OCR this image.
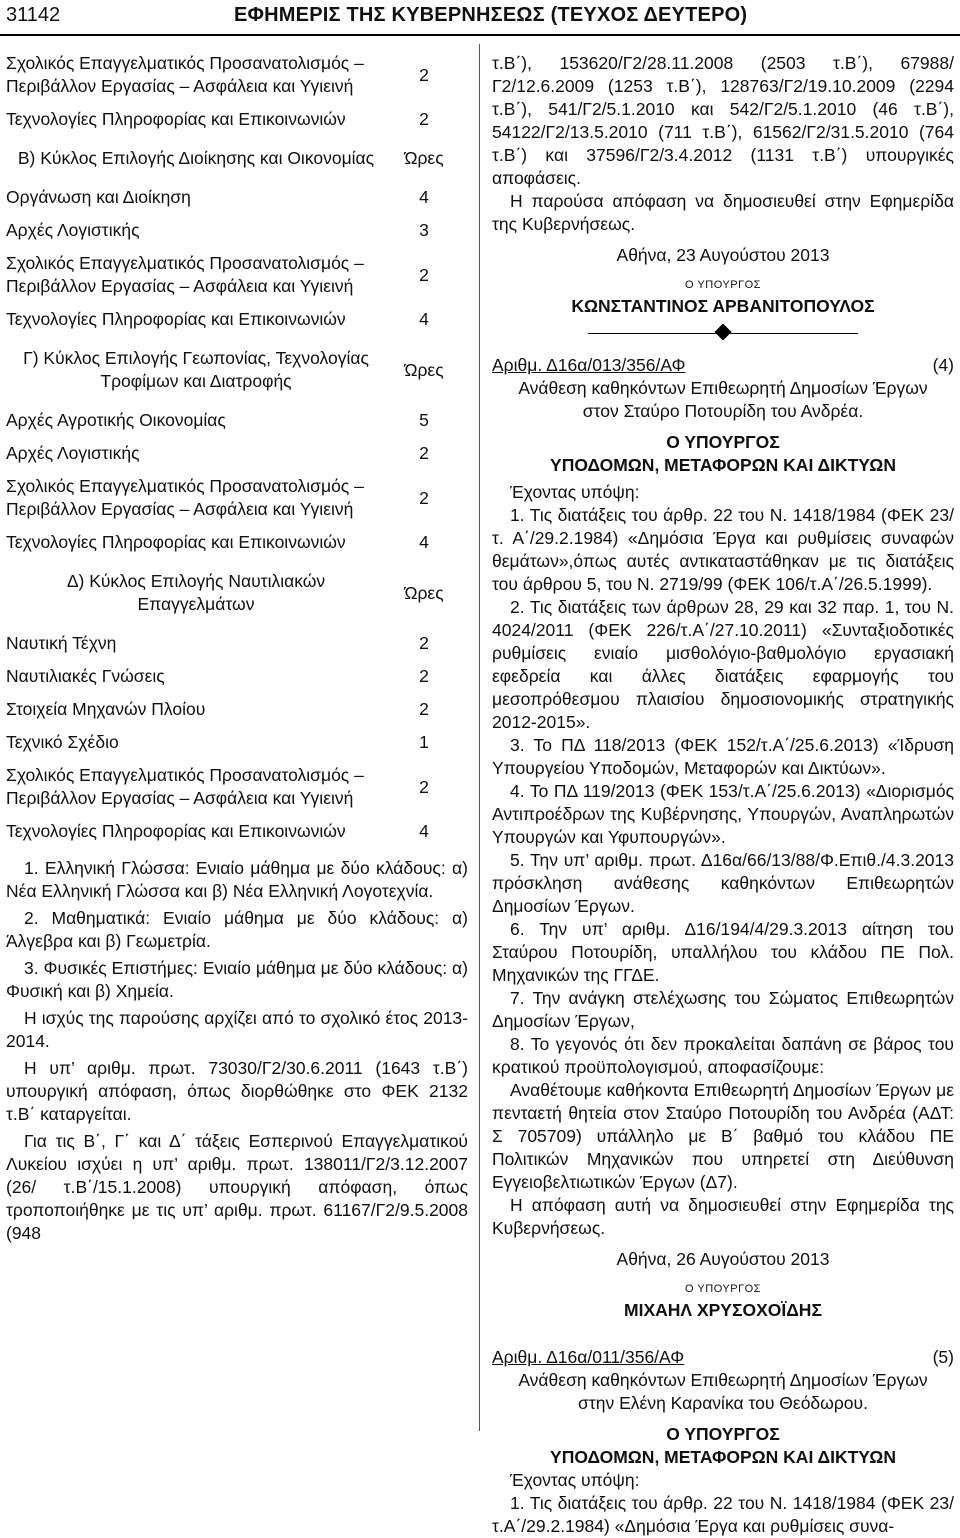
31142	ΕΦΗΜΕΡΙΣ ΤΗΣ ΚΥΒΕΡΝΗΣΕΩΣ (ΤΕΥΧΟΣ ΔΕΥΤΕΡΟ)
Σχολικός Επαγγελματικός Προσανατολισμός – Περιβάλλον Εργασίας – Ασφάλεια και Υγιεινή	2

Τεχνολογίες Πληροφορίας και Επικοινωνιών	2

Β) Κύκλος Επιλογής Διοίκησης και Οικονομίας	Ώρες

Οργάνωση και Διοίκηση	4

Αρχές Λογιστικής	3

Σχολικός Επαγγελματικός Προσανατολισμός – Περιβάλλον Εργασίας – Ασφάλεια και Υγιεινή	2

Τεχνολογίες Πληροφορίας και Επικοινωνιών	4

Γ) Κύκλος Επιλογής Γεωπονίας, Τεχνολογίας Τροφίμων και Διατροφής	Ώρες

Αρχές Αγροτικής Οικονομίας	5

Αρχές Λογιστικής	2

Σχολικός Επαγγελματικός Προσανατολισμός – Περιβάλλον Εργασίας – Ασφάλεια και Υγιεινή	2

Τεχνολογίες Πληροφορίας και Επικοινωνιών	4

Δ) Κύκλος Επιλογής Ναυτιλιακών Επαγγελμάτων	Ώρες

Ναυτική Τέχνη	2

Ναυτιλιακές Γνώσεις	2

Στοιχεία Μηχανών Πλοίου	2

Τεχνικό Σχέδιο	1

Σχολικός Επαγγελματικός Προσανατολισμός – Περιβάλλον Εργασίας – Ασφάλεια και Υγιεινή	2

Τεχνολογίες Πληροφορίας και Επικοινωνιών	4

1. Ελληνική Γλώσσα: Ενιαίο μάθημα με δύο κλάδους: α) Νέα Ελληνική Γλώσσα και β) Νέα Ελληνική Λογοτεχνία.

2. Μαθηματικά: Ενιαίο μάθημα με δύο κλάδους: α) Άλγεβρα και β) Γεωμετρία.

3. Φυσικές Επιστήμες: Ενιαίο μάθημα με δύο κλάδους: α) Φυσική και β) Χημεία.

Η ισχύς της παρούσης αρχίζει από το σχολικό έτος 2013-2014.

Η υπ’ αριθμ. πρωτ. 73030/Γ2/30.6.2011 (1643 τ.Β΄) υπουργική απόφαση, όπως διορθώθηκε στο ΦΕΚ 2132 τ.Β΄ καταργείται.

Για τις Β΄, Γ΄ και Δ΄ τάξεις Εσπερινού Επαγγελματικού Λυκείου ισχύει η υπ’ αριθμ. πρωτ. 138011/Γ2/3.12.2007 (26/ τ.Β΄/15.1.2008) υπουργική απόφαση, όπως τροποποιήθηκε με τις υπ’ αριθμ. πρωτ. 61167/Γ2/9.5.2008 (948

τ.Β΄), 153620/Γ2/28.11.2008 (2503 τ.Β΄), 67988/Γ2/12.6.2009 (1253 τ.Β΄), 128763/Γ2/19.10.2009 (2294 τ.Β΄), 541/Γ2/5.1.2010 και 542/Γ2/5.1.2010 (46 τ.Β΄), 54122/Γ2/13.5.2010 (711 τ.Β΄), 61562/Γ2/31.5.2010 (764 τ.Β΄) και 37596/Γ2/3.4.2012 (1131 τ.Β΄) υπουργικές αποφάσεις.

Η παρούσα απόφαση να δημοσιευθεί στην Εφημερίδα της Κυβερνήσεως.

Αθήνα, 23 Αυγούστου 2013

Ο ΥΠΟΥΡΓΟΣ

ΚΩΝΣΤΑΝΤΙΝΟΣ ΑΡΒΑΝΙΤΟΠΟΥΛΟΣ

Αριθμ. Δ16α/013/356/ΑΦ	(4)

Ανάθεση καθηκόντων Επιθεωρητή Δημοσίων Έργων στον Σταύρο Ποτουρίδη του Ανδρέα.

Ο ΥΠΟΥΡΓΟΣ

ΥΠΟΔΟΜΩΝ, ΜΕΤΑΦΟΡΩΝ ΚΑΙ ΔΙΚΤΥΩΝ

Έχοντας υπόψη:

1. Τις διατάξεις του άρθρ. 22 του Ν. 1418/1984 (ΦΕΚ 23/τ. Α΄/29.2.1984) «Δημόσια Έργα και ρυθμίσεις συναφών θεμάτων»,όπως αυτές αντικαταστάθηκαν με τις διατάξεις του άρθρου 5, του Ν. 2719/99 (ΦΕΚ 106/τ.Α΄/26.5.1999).

2. Τις διατάξεις των άρθρων 28, 29 και 32 παρ. 1, του Ν. 4024/2011 (ΦΕΚ 226/τ.Α΄/27.10.2011) «Συνταξιοδοτικές ρυθμίσεις ενιαίο μισθολόγιο-βαθμολόγιο εργασιακή εφεδρεία και άλλες διατάξεις εφαρμογής του μεσοπρόθεσμου πλαισίου δημοσιονομικής στρατηγικής 2012-2015».

3. Το ΠΔ 118/2013 (ΦΕΚ 152/τ.Α΄/25.6.2013) «Ίδρυση Υπουργείου Υποδομών, Μεταφορών και Δικτύων».

4. Το ΠΔ 119/2013 (ΦΕΚ 153/τ.Α΄/25.6.2013) «Διορισμός Αντιπροέδρων της Κυβέρνησης, Υπουργών, Αναπληρωτών Υπουργών και Υφυπουργών».

5. Την υπ’ αριθμ. πρωτ. Δ16α/66/13/88/Φ.Επιθ./4.3.2013 πρόσκληση ανάθεσης καθηκόντων Επιθεωρητών Δημοσίων Έργων.

6. Την υπ’ αριθμ. Δ16/194/4/29.3.2013 αίτηση του Σταύρου Ποτουρίδη, υπαλλήλου του κλάδου ΠΕ Πολ. Μηχανικών της ΓΓΔΕ.

7. Την ανάγκη στελέχωσης του Σώματος Επιθεωρητών Δημοσίων Έργων,

8. Το γεγονός ότι δεν προκαλείται δαπάνη σε βάρος του κρατικού προϋπολογισμού, αποφασίζουμε:

Αναθέτουμε καθήκοντα Επιθεωρητή Δημοσίων Έργων με πενταετή θητεία στον Σταύρο Ποτουρίδη του Ανδρέα (ΑΔΤ: Σ 705709) υπάλληλο με Β΄ βαθμό του κλάδου ΠΕ Πολιτικών Μηχανικών που υπηρετεί στη Διεύθυνση Εγγειοβελτιωτικών Έργων (Δ7).

Η απόφαση αυτή να δημοσιευθεί στην Εφημερίδα της Κυβερνήσεως.

Αθήνα, 26 Αυγούστου 2013

Ο ΥΠΟΥΡΓΟΣ

ΜΙΧΑΗΛ ΧΡΥΣΟΧΟΪΔΗΣ

Αριθμ. Δ16α/011/356/ΑΦ	(5)

Ανάθεση καθηκόντων Επιθεωρητή Δημοσίων Έργων στην Ελένη Καρανίκα του Θεόδωρου.

Ο ΥΠΟΥΡΓΟΣ

ΥΠΟΔΟΜΩΝ, ΜΕΤΑΦΟΡΩΝ ΚΑΙ ΔΙΚΤΥΩΝ

Έχοντας υπόψη:

1. Τις διατάξεις του άρθρ. 22 του Ν. 1418/1984 (ΦΕΚ 23/τ.Α΄/29.2.1984) «Δημόσια Έργα και ρυθμίσεις συνα-
